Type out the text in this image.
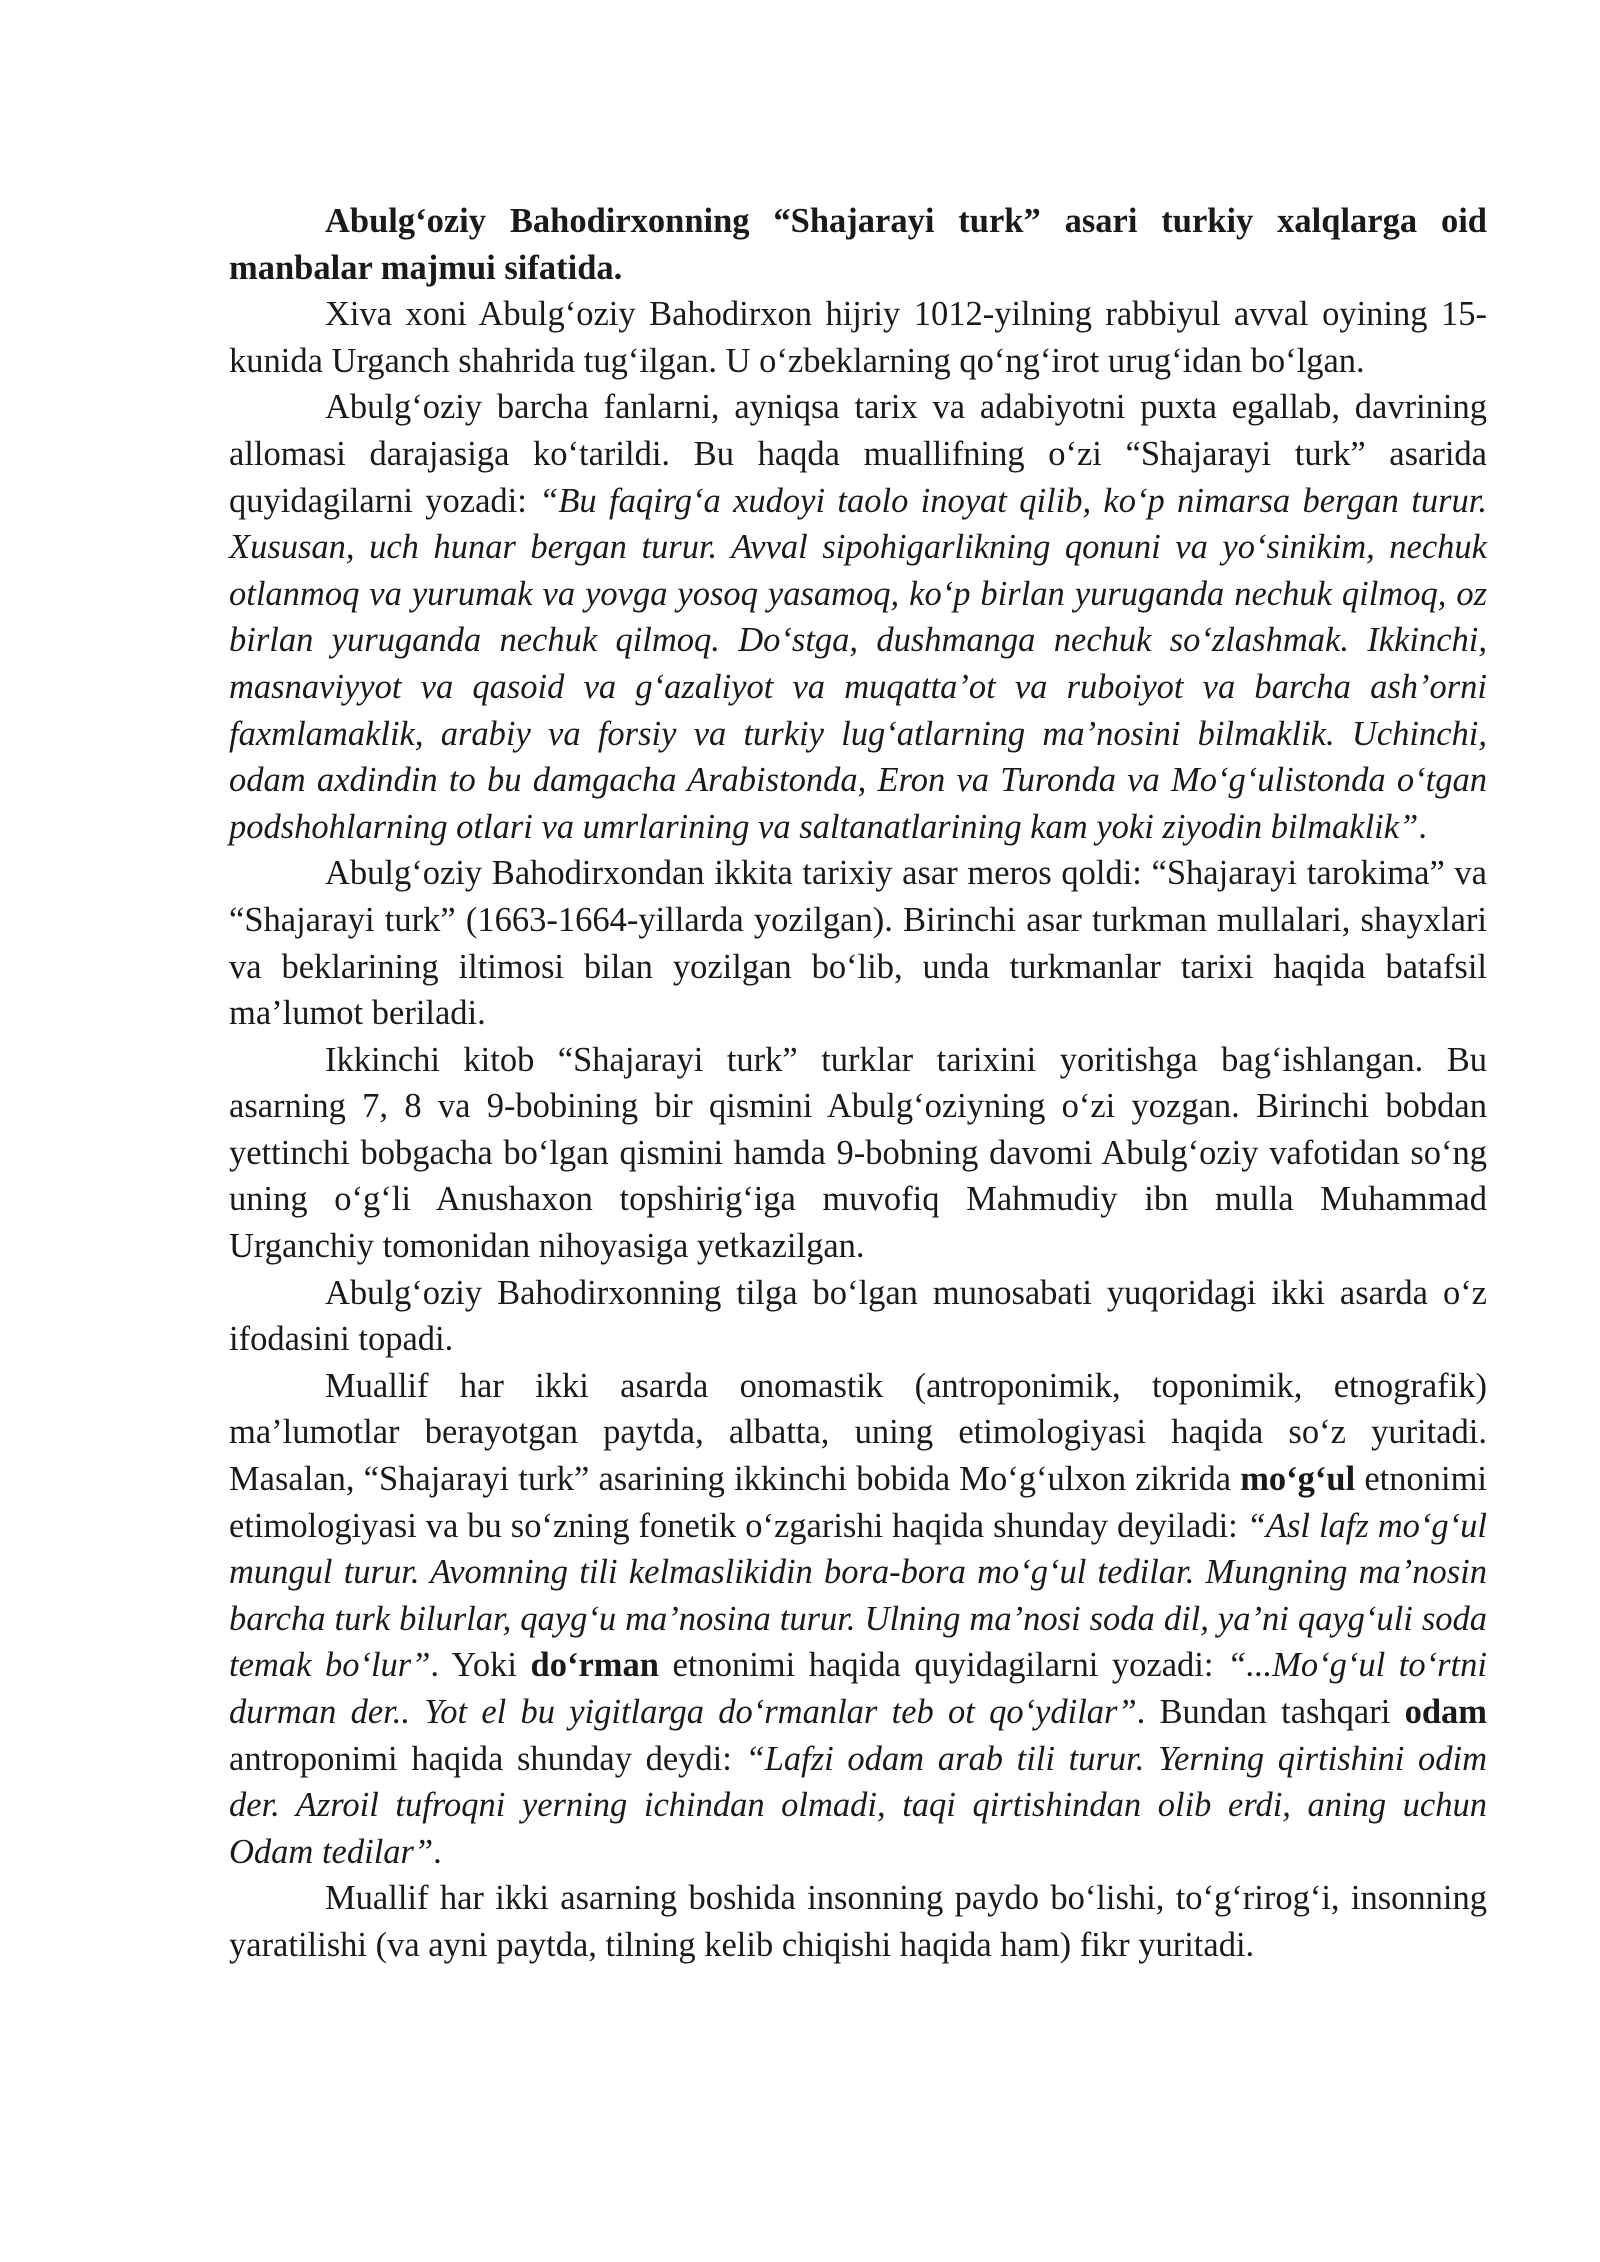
Abulg‘oziy Bahodirxonning “Shajarayi turk” asari turkiy xalqlarga oid manbalar majmui sifatida.

Xiva xoni Abulg‘oziy Bahodirxon hijriy 1012-yilning rabbiyul avval oyining 15-kunida Urganch shahrida tug‘ilgan. U o‘zbeklarning qo‘ng‘irot urug‘idan bo‘lgan.

Abulg‘oziy barcha fanlarni, ayniqsa tarix va adabiyotni puxta egallab, davrining allomasi darajasiga ko‘tarildi. Bu haqda muallifning o‘zi “Shajarayi turk” asarida quyidagilarni yozadi: “Bu faqirg‘a xudoyi taolo inoyat qilib, ko‘p nimarsa bergan turur. Xususan, uch hunar bergan turur. Avval sipohigarlikning qonuni va yo‘sinikim, nechuk otlanmoq va yurumak va yovga yosoq yasamoq, ko‘p birlan yuruganda nechuk qilmoq, oz birlan yuruganda nechuk qilmoq. Do‘stga, dushmanga nechuk so‘zlashmak. Ikkinchi, masnaviyyot va qasoid va g‘azaliyot va muqatta’ot va ruboiyot va barcha ash’orni faxmlamaklik, arabiy va forsiy va turkiy lug‘atlarning ma’nosini bilmaklik. Uchinchi, odam axdindin to bu damgacha Arabistonda, Eron va Turonda va Mo‘g‘ulistonda o‘tgan podshohlarning otlari va umrlarining va saltanatlarining kam yoki ziyodin bilmaklik”.

Abulg‘oziy Bahodirxondan ikkita tarixiy asar meros qoldi: “Shajarayi tarokima” va “Shajarayi turk” (1663-1664-yillarda yozilgan). Birinchi asar turkman mullalari, shayxlari va beklarining iltimosi bilan yozilgan bo‘lib, unda turkmanlar tarixi haqida batafsil ma’lumot beriladi.

Ikkinchi kitob “Shajarayi turk” turklar tarixini yoritishga bag‘ishlangan. Bu asarning 7, 8 va 9-bobining bir qismini Abulg‘oziyning o‘zi yozgan. Birinchi bobdan yettinchi bobgacha bo‘lgan qismini hamda 9-bobning davomi Abulg‘oziy vafotidan so‘ng uning o‘g‘li Anushaxon topshirig‘iga muvofiq Mahmudiy ibn mulla Muhammad Urganchiy tomonidan nihoyasiga yetkazilgan.

Abulg‘oziy Bahodirxonning tilga bo‘lgan munosabati yuqoridagi ikki asarda o‘z ifodasini topadi.

Muallif har ikki asarda onomastik (antroponimik, toponimik, etnografik) ma’lumotlar berayotgan paytda, albatta, uning etimologiyasi haqida so‘z yuritadi. Masalan, “Shajarayi turk” asarining ikkinchi bobida Mo‘g‘ulxon zikrida mo‘g‘ul etnonimi etimologiyasi va bu so‘zning fonetik o‘zgarishi haqida shunday deyiladi: “Asl lafz mo‘g‘ul mungul turur. Avomning tili kelmaslikidin bora-bora mo‘g‘ul tedilar. Mungning ma’nosin barcha turk bilurlar, qayg‘u ma’nosina turur. Ulning ma’nosi soda dil, ya’ni qayg‘uli soda temak bo‘lur”. Yoki do‘rman etnonimi haqida quyidagilarni yozadi: “...Mo‘g‘ul to‘rtni durman der.. Yot el bu yigitlarga do‘rmanlar teb ot qo‘ydilar”. Bundan tashqari odam antroponimi haqida shunday deydi: “Lafzi odam arab tili turur. Yerning qirtishini odim der. Azroil tufroqni yerning ichindan olmadi, taqi qirtishindan olib erdi, aning uchun Odam tedilar”.

Muallif har ikki asarning boshida insonning paydo bo‘lishi, to‘g‘rirog‘i, insonning yaratilishi (va ayni paytda, tilning kelib chiqishi haqida ham) fikr yuritadi.
